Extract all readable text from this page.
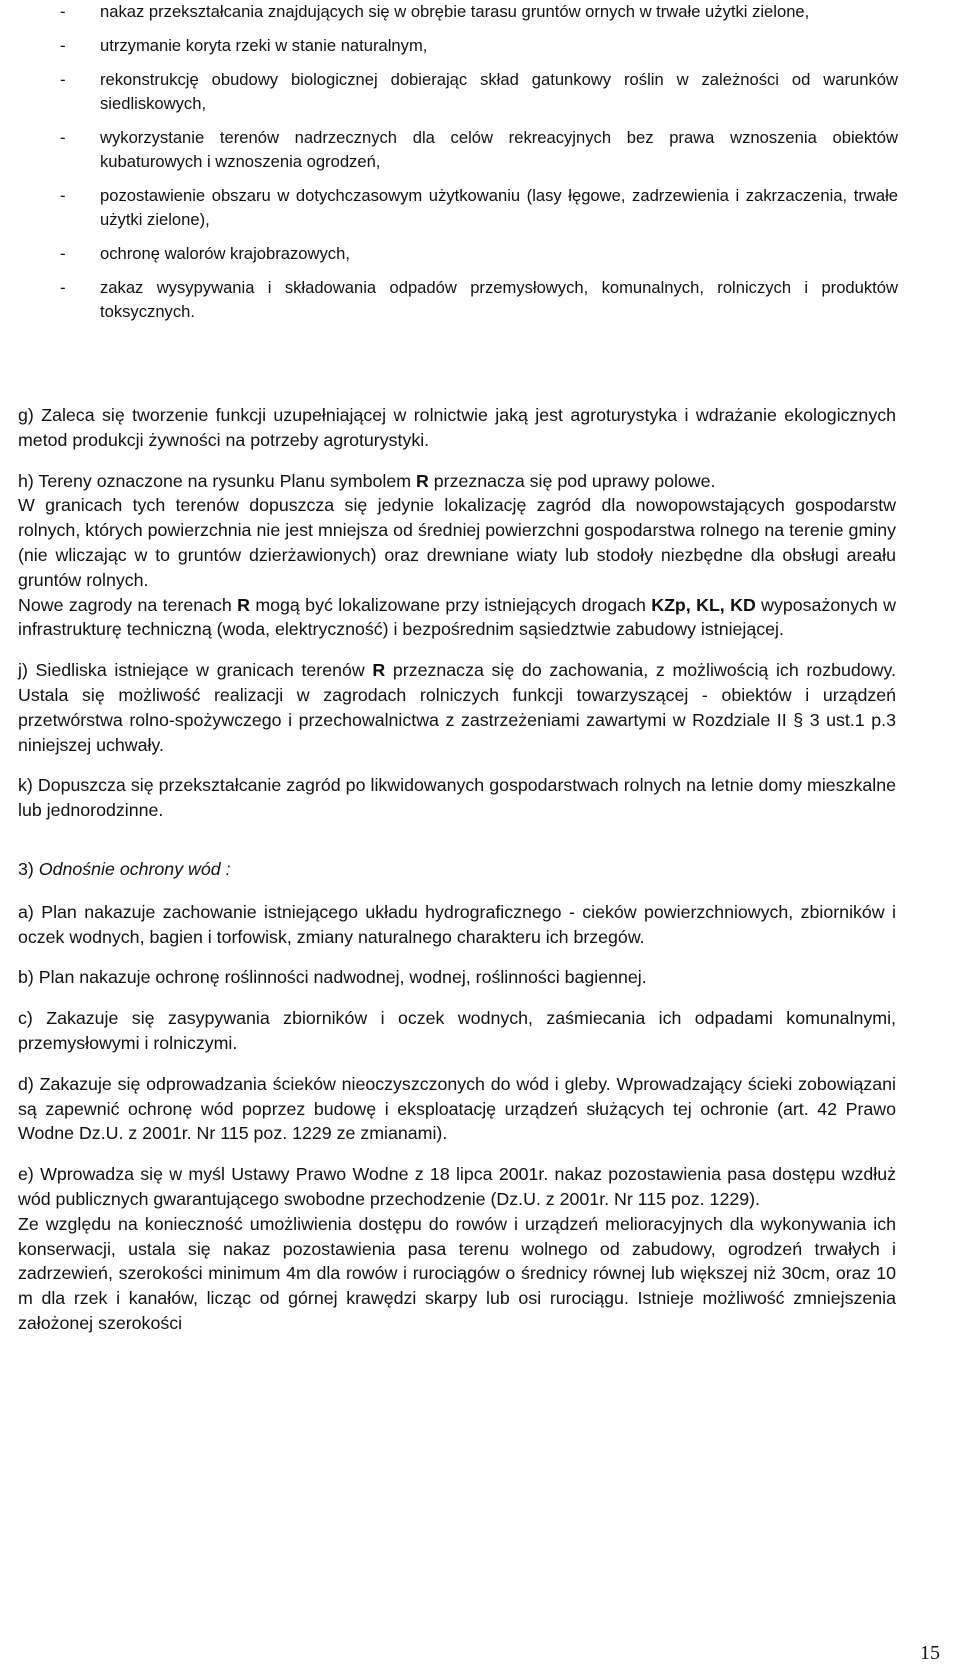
- nakaz przekształcania znajdujących się w obrębie tarasu gruntów ornych w trwałe użytki zielone,
- utrzymanie koryta rzeki w stanie naturalnym,
- rekonstrukcję obudowy biologicznej dobierając skład gatunkowy roślin w zależności od warunków siedliskowych,
- wykorzystanie terenów nadrzecznych dla celów rekreacyjnych bez prawa wznoszenia obiektów kubaturowych i wznoszenia ogrodzeń,
- pozostawienie obszaru w dotychczasowym użytkowaniu (lasy łęgowe, zadrzewienia i zakrzaczenia, trwałe użytki zielone),
- ochronę walorów krajobrazowych,
- zakaz wysypywania i składowania odpadów przemysłowych, komunalnych, rolniczych i produktów toksycznych.

g) Zaleca się tworzenie funkcji uzupełniającej w rolnictwie jaką jest agroturystyka i wdrażanie ekologicznych metod produkcji żywności na potrzeby agroturystyki.

h) Tereny oznaczone na rysunku Planu symbolem R przeznacza się pod uprawy polowe.

W granicach tych terenów dopuszcza się jedynie lokalizację zagród dla nowopowstających gospodarstw rolnych, których powierzchnia nie jest mniejsza od średniej powierzchni gospodarstwa rolnego na terenie gminy (nie wliczając w to gruntów dzierżawionych) oraz drewniane wiaty lub stodoły niezbędne dla obsługi areału gruntów rolnych.

Nowe zagrody na terenach R mogą być lokalizowane przy istniejących drogach KZp, KL, KD wyposażonych w infrastrukturę techniczną (woda, elektryczność) i bezpośrednim sąsiedztwie zabudowy istniejącej.

j) Siedliska istniejące w granicach terenów R przeznacza się do zachowania, z możliwością ich rozbudowy. Ustala się możliwość realizacji w zagrodach rolniczych funkcji towarzyszącej - obiektów i urządzeń przetwórstwa rolno-spożywczego i przechowalnictwa z zastrzeżeniami zawartymi w Rozdziale II § 3 ust.1 p.3 niniejszej uchwały.

k) Dopuszcza się przekształcanie zagród po likwidowanych gospodarstwach rolnych na letnie domy mieszkalne lub jednorodzinne.

3) Odnośnie ochrony wód :

a) Plan nakazuje zachowanie istniejącego układu hydrograficznego - cieków powierzchniowych, zbiorników i oczek wodnych, bagien i torfowisk, zmiany naturalnego charakteru ich brzegów.

b) Plan nakazuje ochronę roślinności nadwodnej, wodnej, roślinności bagiennej.

c) Zakazuje się zasypywania zbiorników i oczek wodnych, zaśmiecania ich odpadami komunalnymi, przemysłowymi i rolniczymi.

d) Zakazuje się odprowadzania ścieków nieoczyszczonych do wód i gleby. Wprowadzający ścieki zobowiązani są zapewnić ochronę wód poprzez budowę i eksploatację urządzeń służących tej ochronie (art. 42 Prawo Wodne Dz.U. z 2001r. Nr 115 poz. 1229 ze zmianami).

e) Wprowadza się w myśl Ustawy Prawo Wodne z 18 lipca 2001r. nakaz pozostawienia pasa dostępu wzdłuż wód publicznych gwarantującego swobodne przechodzenie (Dz.U. z 2001r. Nr 115 poz. 1229).

Ze względu na konieczność umożliwienia dostępu do rowów i urządzeń melioracyjnych dla wykonywania ich konserwacji, ustala się nakaz pozostawienia pasa terenu wolnego od zabudowy, ogrodzeń trwałych i zadrzewień, szerokości minimum 4m dla rowów i rurociągów o średnicy równej lub większej niż 30cm, oraz 10 m dla rzek i kanałów, licząc od górnej krawędzi skarpy lub osi rurociągu. Istnieje możliwość zmniejszenia założonej szerokości

15
